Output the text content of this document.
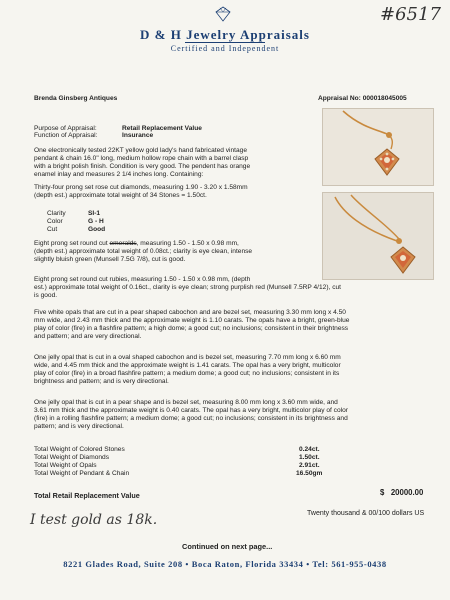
#6517
D & H Jewelry Appraisals
Certified and Independent
Brenda Ginsberg Antiques	Appraisal No: 000018045005
Purpose of Appraisal:	Retail Replacement Value
Function of Appraisal:	Insurance
One electronically tested 22KT yellow gold lady's hand fabricated vintage
pendant & chain 16.0" long, medium hollow rope chain with a barrel clasp
with a bright polish finish. Condition is very good. The pendent has orange
enamel inlay and measures 2 1/4 inches long. Containing:
Thirty-four prong set rose cut diamonds, measuring 1.90 - 3.20 x 1.58mm
(depth est.) approximate total weight of 34 Stones = 1.50ct.
Clarity	SI-1
Color	G - H
Cut	Good
Eight prong set round cut emeralds, measuring 1.50 - 1.50 x 0.98 mm,
(depth est.) approximate total weight of 0.08ct.; clarity is eye clean, intense
slightly bluish green (Munsell 7.5G 7/8), cut is good.
Eight prong set round cut rubies, measuring 1.50 - 1.50 x 0.98 mm, (depth
est.) approximate total weight of 0.16ct., clarity is eye clean; strong purplish red (Munsell 7.5RP 4/12), cut
is good.
Five white opals that are cut in a pear shaped cabochon and are bezel set, measuring 3.30 mm long x 4.50
mm wide, and 2.43 mm thick and the approximate weight is 1.10 carats. The opals have a bright, green-blue
play of color (fire) in a flashfire pattern; a high dome; a good cut; no inclusions; consistent in their brightness
and pattern; and are very directional.
One jelly opal that is cut in a oval shaped cabochon and is bezel set, measuring 7.70 mm long x 6.60 mm
wide, and 4.45 mm thick and the approximate weight is 1.41 carats. The opal has a very bright, multicolor
play of color (fire) in a broad flashfire pattern; a medium dome; a good cut; no inclusions; consistent in its
brightness and pattern; and is very directional.
One jelly opal that is cut in a pear shape and is bezel set, measuring 8.00 mm long x 3.60 mm wide, and
3.61 mm thick and the approximate weight is 0.40 carats. The opal has a very bright, multicolor play of color
(fire) in a rolling flashfire pattern; a medium dome; a good cut; no inclusions; consistent in its brightness and
pattern; and is very directional.
Total Weight of Colored Stones	0.24ct.
Total Weight of Diamonds	1.50ct.
Total Weight of Opals	2.91ct.
Total Weight of Pendant & Chain	16.50gm
Total Retail Replacement Value	$   20000.00
Twenty thousand & 00/100 dollars US
I test gold as 18k.
Continued on next page...
8221 Glades Road, Suite 208 • Boca Raton, Florida 33434 • Tel: 561-955-0438
